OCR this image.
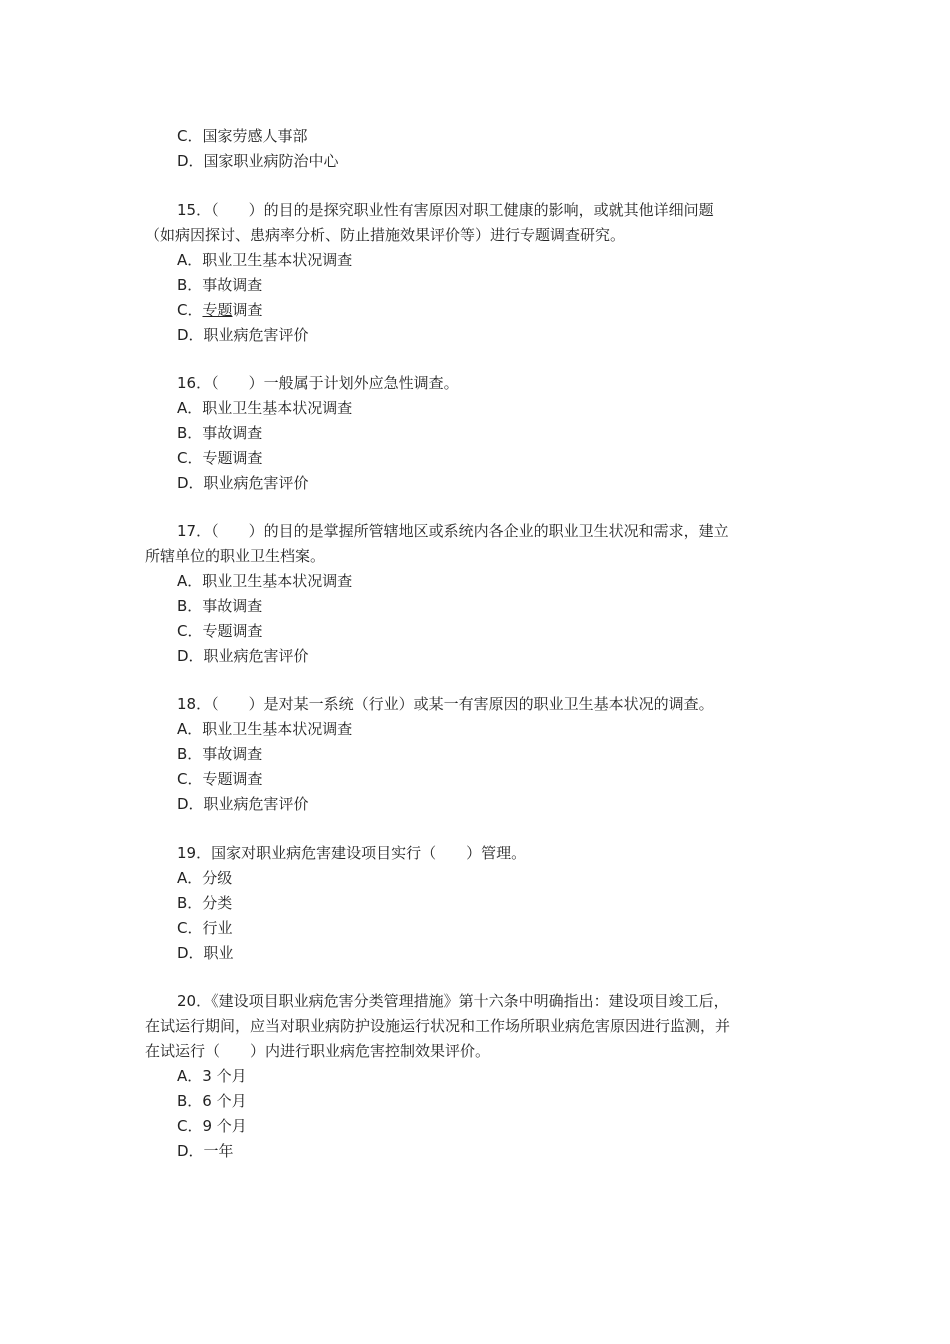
C．国家劳感人事部
D．国家职业病防治中心
15．（　　）的目的是探究职业性有害原因对职工健康的影响，或就其他详细问题
（如病因探讨、患病率分析、防止措施效果评价等）进行专题调查研究。
A．职业卫生基本状况调查
B．事故调查
C．专题调查
D．职业病危害评价
16．（　　）一般属于计划外应急性调查。
A．职业卫生基本状况调查
B．事故调查
C．专题调查
D．职业病危害评价
17．（　　）的目的是掌握所管辖地区或系统内各企业的职业卫生状况和需求，建立
所辖单位的职业卫生档案。
A．职业卫生基本状况调查
B．事故调查
C．专题调查
D．职业病危害评价
18．（　　）是对某一系统（行业）或某一有害原因的职业卫生基本状况的调查。
A．职业卫生基本状况调查
B．事故调查
C．专题调查
D．职业病危害评价
19．国家对职业病危害建设项目实行（　　）管理。
A．分级
B．分类
C．行业
D．职业
20．《建设项目职业病危害分类管理措施》第十六条中明确指出：建设项目竣工后，
在试运行期间，应当对职业病防护设施运行状况和工作场所职业病危害原因进行监测，并
在试运行（　　）内进行职业病危害控制效果评价。
A．3 个月
B．6 个月
C．9 个月
D．一年
